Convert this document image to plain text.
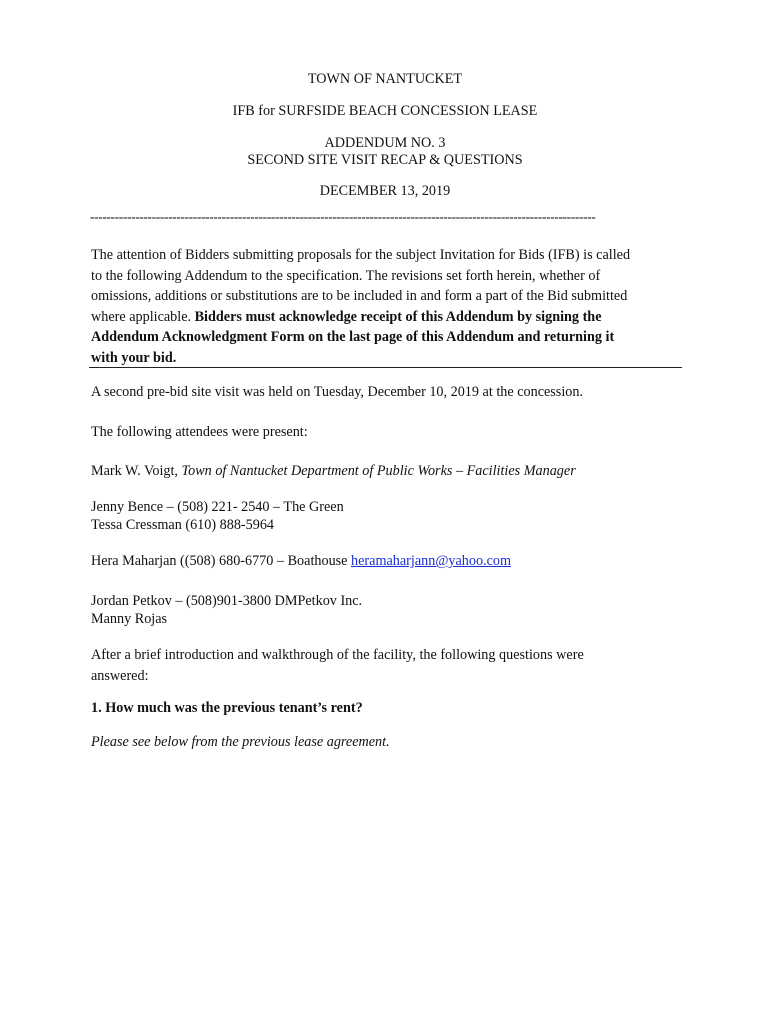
TOWN OF NANTUCKET
IFB for SURFSIDE BEACH CONCESSION LEASE
ADDENDUM NO. 3
SECOND SITE VISIT RECAP & QUESTIONS
DECEMBER 13, 2019
---------------------------------------------------------------------------------------------------------------------------
The attention of Bidders submitting proposals for the subject Invitation for Bids (IFB) is called
to the following Addendum to the specification. The revisions set forth herein, whether of
omissions, additions or substitutions are to be included in and form a part of the Bid submitted
where applicable. Bidders must acknowledge receipt of this Addendum by signing the
Addendum Acknowledgment Form on the last page of this Addendum and returning it
with your bid.
A second pre-bid site visit was held on Tuesday, December 10, 2019 at the concession.
The following attendees were present:
Mark W. Voigt, Town of Nantucket Department of Public Works – Facilities Manager
Jenny Bence – (508) 221- 2540 – The Green
Tessa Cressman (610) 888-5964
Hera Maharjan ((508) 680-6770 – Boathouse heramaharjann@yahoo.com
Jordan Petkov – (508)901-3800 DMPetkov Inc.
Manny Rojas
After a brief introduction and walkthrough of the facility, the following questions were
answered:
1. How much was the previous tenant’s rent?
Please see below from the previous lease agreement.
